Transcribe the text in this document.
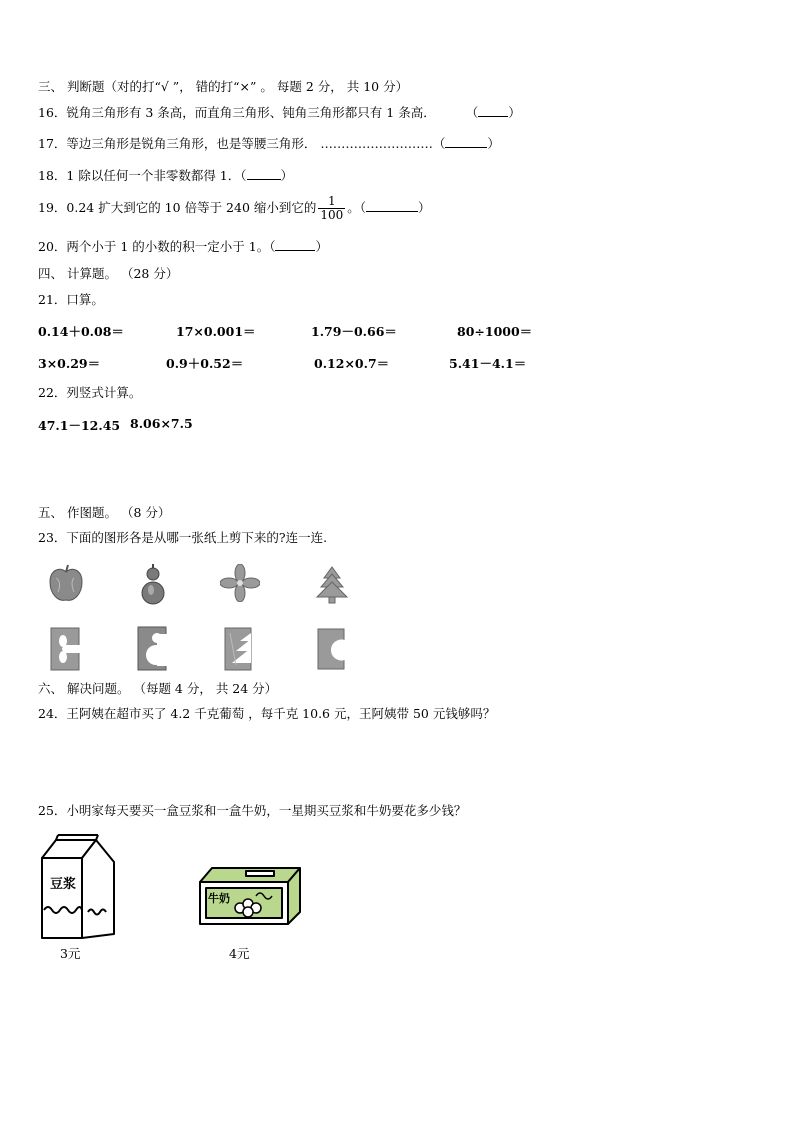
三、 判断题（对的打“√ ”， 错的打“×” 。 每题 2 分， 共 10 分）
16．锐角三角形有 3 条高，而直角三角形、钝角三角形都只有 1 条高． （ ）
17．等边三角形是锐角三角形，也是等腰三角形． ………………………（	）
18．1 除以任何一个非零数都得 1．（	）
19．0.24 扩大到它的 10 倍等于 240 缩小到它的 $\frac{1}{100}$ 。（	）
20．两个小于 1 的小数的积一定小于 1。（	）
四、 计算题。 （28 分）
21．口算。
0.14＋0.08＝	17×0.001＝	1.79－0.66＝	80÷1000＝
3×0.29＝	0.9＋0.52＝	0.12×0.7＝	5.41－4.1＝
22．列竖式计算。
47.1－12.45 8.06×7.5
五、 作图题。 （8 分）
23．下面的图形各是从哪一张纸上剪下来的?连一连.
六、 解决问题。 （每题 4 分， 共 24 分）
24．王阿姨在超市买了 4.2 千克葡萄 ，每千克 10.6 元，王阿姨带 50 元钱够吗？
25．小明家每天要买一盒豆浆和一盒牛奶，一星期买豆浆和牛奶要花多少钱？
豆浆
3元
牛奶
4元
